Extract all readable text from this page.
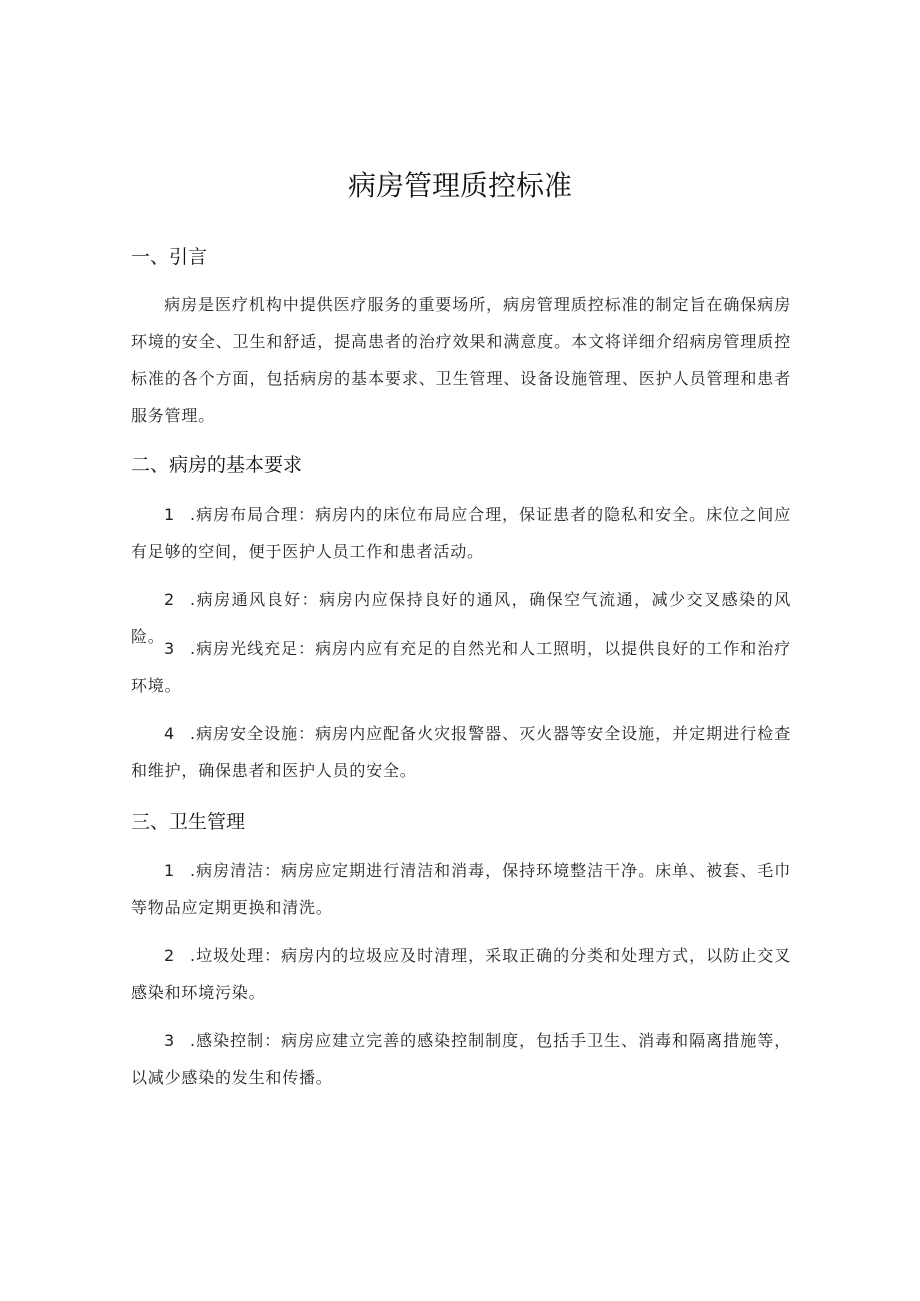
病房管理质控标准
一、引言

病房是医疗机构中提供医疗服务的重要场所，病房管理质控标准的制定旨在确保病房环境的安全、卫生和舒适，提高患者的治疗效果和满意度。本文将详细介绍病房管理质控标准的各个方面，包括病房的基本要求、卫生管理、设备设施管理、医护人员管理和患者服务管理。

二、病房的基本要求

1 .病房布局合理：病房内的床位布局应合理，保证患者的隐私和安全。床位之间应有足够的空间，便于医护人员工作和患者活动。

2 .病房通风良好：病房内应保持良好的通风，确保空气流通，减少交叉感染的风险。

3 .病房光线充足：病房内应有充足的自然光和人工照明，以提供良好的工作和治疗环境。

4 .病房安全设施：病房内应配备火灾报警器、灭火器等安全设施，并定期进行检查和维护，确保患者和医护人员的安全。

三、卫生管理

1 .病房清洁：病房应定期进行清洁和消毒，保持环境整洁干净。床单、被套、毛巾等物品应定期更换和清洗。

2 .垃圾处理：病房内的垃圾应及时清理，采取正确的分类和处理方式，以防止交叉感染和环境污染。

3 .感染控制：病房应建立完善的感染控制制度，包括手卫生、消毒和隔离措施等，以减少感染的发生和传播。
